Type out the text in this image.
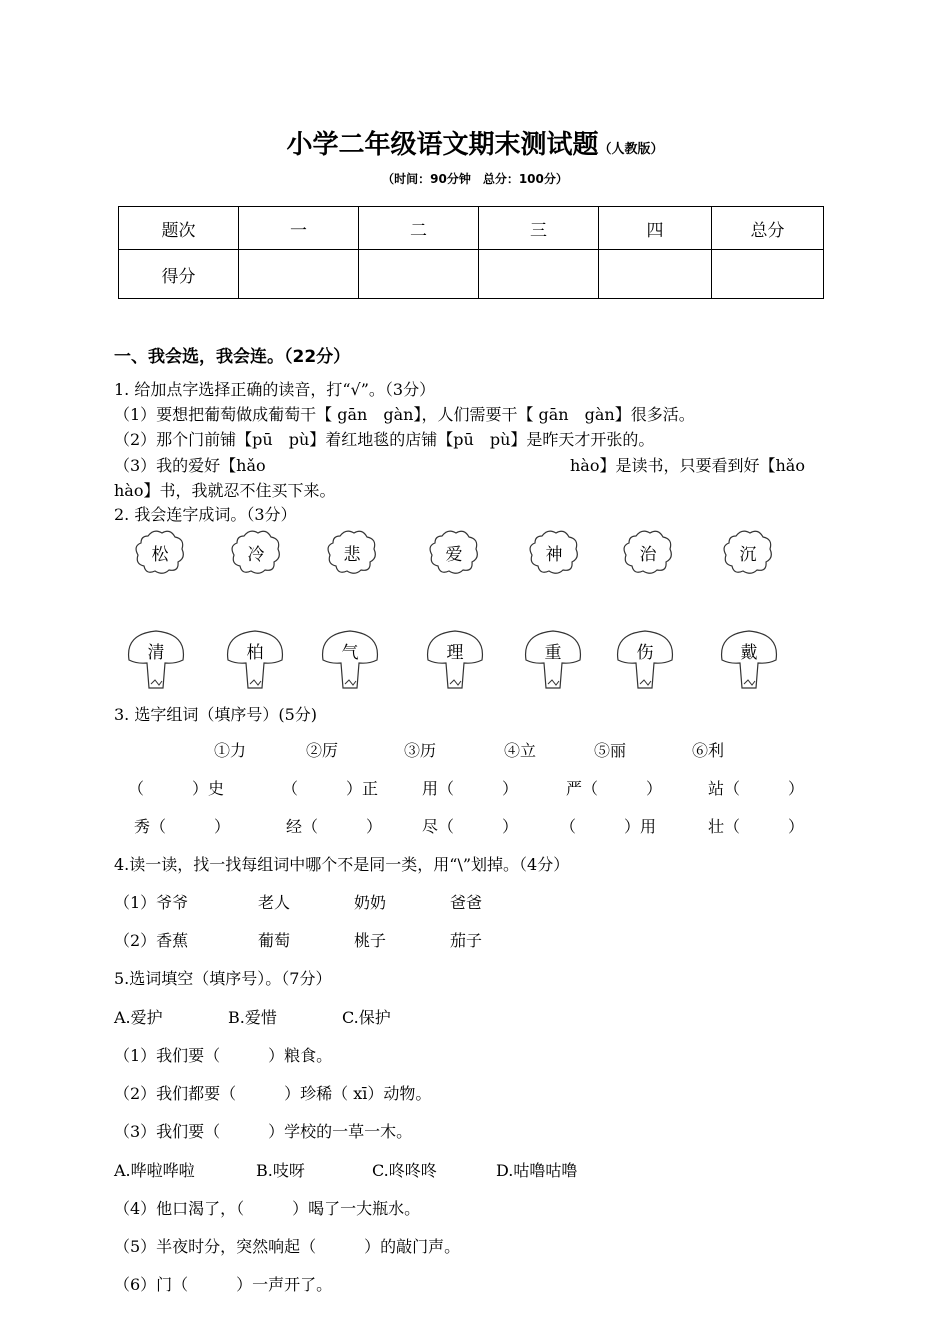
小学二年级语文期末测试题（人教版）
（时间：90分钟　总分：100分）
题次	一	二	三	四	总分
得分					
一、我会选，我会连。（22分）
1. 给加点字选择正确的读音，打“√”。（3分）
（1）要想把葡萄做成葡萄干【 gān　gàn】，人们需要干【 gān　gàn】很多活。
（2）那个门前铺【pū　pù】着红地毯的店铺【pū　pù】是昨天才开张的。
（3）我的爱好【hǎo	hào】是读书，只要看到好【hǎo
hào】书，我就忍不住买下来。
2. 我会连字成词。（3分）
松	冷	悲	爱	神	治	沉
清	柏	气	理	重	伤	戴
3. 选字组词（填序号）(5分)
①力	②厉	③历	④立	⑤丽	⑥利
（　　　）史	（　　　）正	用（　　　）	严（　　　）	站（　　　）
秀（　　　）	经（　　　） 尽（　　　）	（　　　）用	壮（　　　）
4.读一读，找一找每组词中哪个不是同一类，用“\”划掉。（4分）
（1）爷爷	老人	奶奶	爸爸
（2）香蕉	葡萄	桃子	茄子
5.选词填空（填序号）。（7分）
A.爱护	B.爱惜	C.保护
（1）我们要（　　　）粮食。
（2）我们都要（　　　）珍稀（ xī）动物。
（3）我们要（　　　）学校的一草一木。
A.哗啦哗啦	B.吱呀	C.咚咚咚	D.咕噜咕噜
（4）他口渴了，（　　　）喝了一大瓶水。
（5）半夜时分，突然响起（　　　）的敲门声。
（6）门（　　　）一声开了。
